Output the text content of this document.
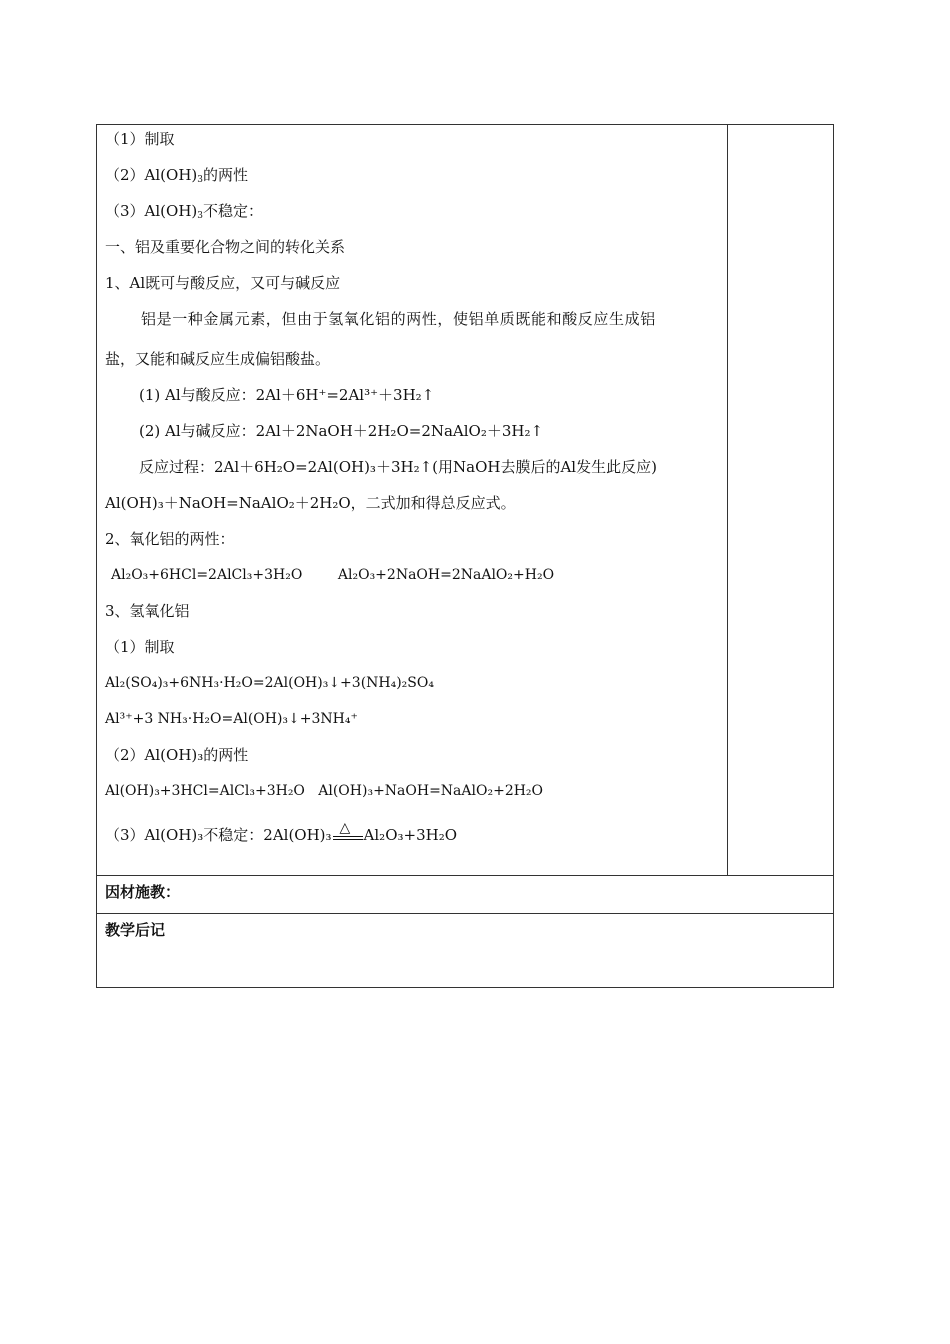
（1）制取
$(2)Al(OH)_3$的两性
$(3)Al(OH)_3$不稳定：
一、铝及重要化合物之间的转化关系
1、Al既可与酸反应，又可与碱反应
铝是一种金属元素，但由于氢氧化铝的两性，使铝单质既能和酸反应生成铝
盐，又能和碱反应生成偏铝酸盐。
(1) Al与酸反应：2Al＋6H⁺=2Al³⁺＋3H₂↑
(2) Al与碱反应：2Al＋2NaOH＋2H₂O=2NaAlO₂＋3H₂↑
反应过程：2Al＋6H₂O=2Al(OH)₃＋3H₂↑(用NaOH去膜后的Al发生此反应)
Al(OH)₃＋NaOH=NaAlO₂＋2H₂O，二式加和得总反应式。
2、氧化铝的两性：
Al₂O₃+6HCl=2AlCl₃+3H₂O        Al₂O₃+2NaOH=2NaAlO₂+H₂O
3、氢氧化铝
（1）制取
Al₂(SO₄)₃+6NH₃·H₂O=2Al(OH)₃↓+3(NH₄)₂SO₄
Al³⁺+3 NH₃·H₂O=Al(OH)₃↓+3NH₄⁺
（2）Al(OH)₃的两性
Al(OH)₃+3HCl=AlCl₃+3H₂O   Al(OH)₃+NaOH=NaAlO₂+2H₂O
（3）Al(OH)₃不稳定：2Al(OH)₃ △ Al₂O₃+3H₂O
因材施教：
教学后记
